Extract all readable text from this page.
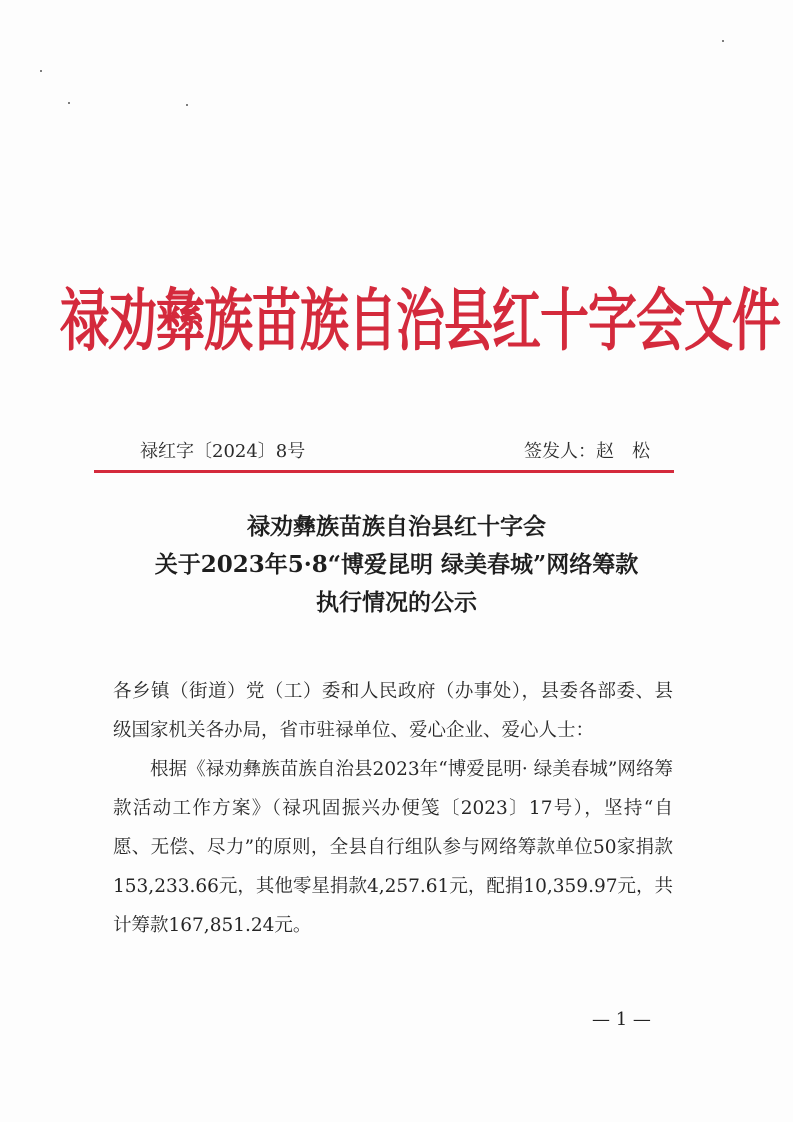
禄劝彝族苗族自治县红十字会文件
禄红字〔2024〕8号	签发人：赵　松
禄劝彝族苗族自治县红十字会
关于2023年5·8“博爱昆明 绿美春城”网络筹款
执行情况的公示

各乡镇（街道）党（工）委和人民政府（办事处），县委各部委、县级国家机关各办局，省市驻禄单位、爱心企业、爱心人士：

根据《禄劝彝族苗族自治县2023年“博爱昆明· 绿美春城”网络筹款活动工作方案》（禄巩固振兴办便笺〔2023〕17号），坚持“自愿、无偿、尽力”的原则，全县自行组队参与网络筹款单位50家捐款153,233.66元，其他零星捐款4,257.61元，配捐10,359.97元，共计筹款167,851.24元。

— 1 —
